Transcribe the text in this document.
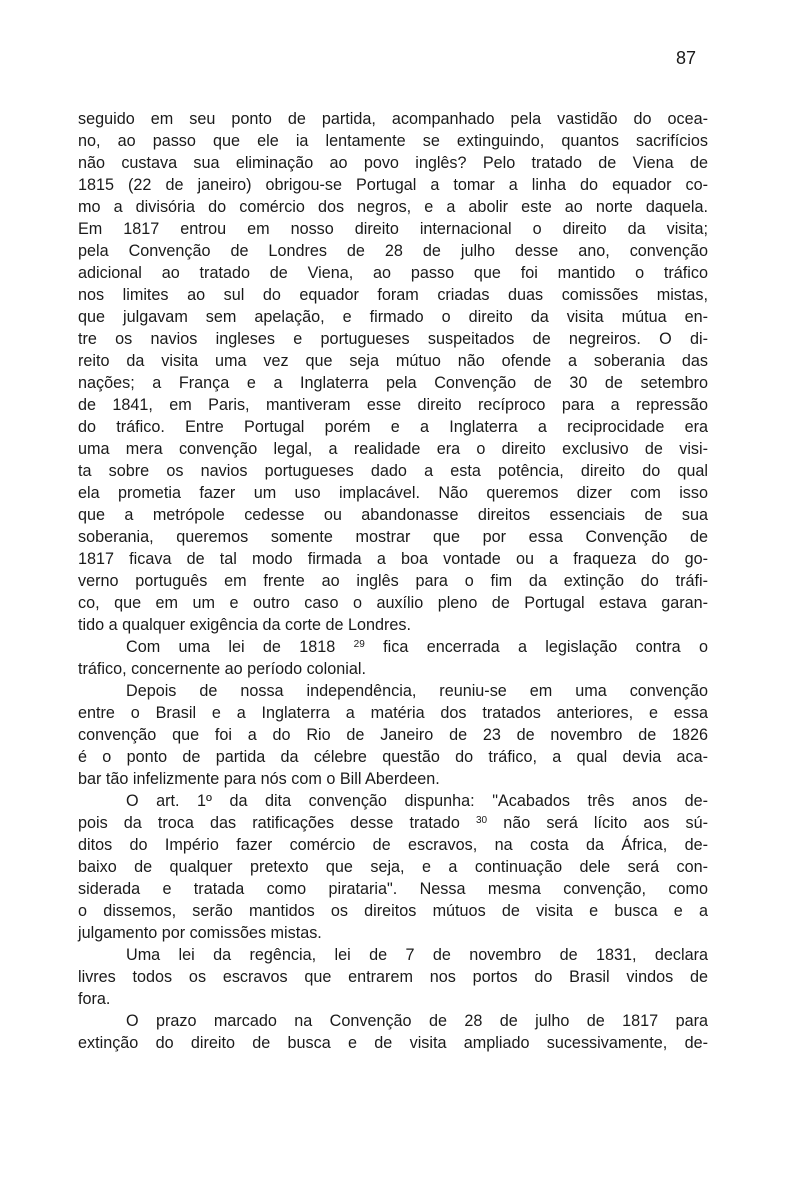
87
seguido em seu ponto de partida, acompanhado pela vastidão do ocea-
no, ao passo que ele ia lentamente se extinguindo, quantos sacrifícios
não custava sua eliminação ao povo inglês? Pelo tratado de Viena de
1815 (22 de janeiro) obrigou-se Portugal a tomar a linha do equador co-
mo a divisória do comércio dos negros, e a abolir este ao norte daquela.
Em 1817 entrou em nosso direito internacional o direito da visita;
pela Convenção de Londres de 28 de julho desse ano, convenção
adicional ao tratado de Viena, ao passo que foi mantido o tráfico
nos limites ao sul do equador foram criadas duas comissões mistas,
que julgavam sem apelação, e firmado o direito da visita mútua en-
tre os navios ingleses e portugueses suspeitados de negreiros. O di-
reito da visita uma vez que seja mútuo não ofende a soberania das
nações; a França e a Inglaterra pela Convenção de 30 de setembro
de 1841, em Paris, mantiveram esse direito recíproco para a repressão
do tráfico. Entre Portugal porém e a Inglaterra a reciprocidade era
uma mera convenção legal, a realidade era o direito exclusivo de visi-
ta sobre os navios portugueses dado a esta potência, direito do qual
ela prometia fazer um uso implacável. Não queremos dizer com isso
que a metrópole cedesse ou abandonasse direitos essenciais de sua
soberania, queremos somente mostrar que por essa Convenção de
1817 ficava de tal modo firmada a boa vontade ou a fraqueza do go-
verno português em frente ao inglês para o fim da extinção do tráfi-
co, que em um e outro caso o auxílio pleno de Portugal estava garan-
tido a qualquer exigência da corte de Londres.
Com uma lei de 1818 $^{29}$ fica encerrada a legislação contra o
tráfico, concernente ao período colonial.
Depois de nossa independência, reuniu-se em uma convenção
entre o Brasil e a Inglaterra a matéria dos tratados anteriores, e essa
convenção que foi a do Rio de Janeiro de 23 de novembro de 1826
é o ponto de partida da célebre questão do tráfico, a qual devia aca-
bar tão infelizmente para nós com o Bill Aberdeen.
O art. 1º da dita convenção dispunha: "Acabados três anos de-
pois da troca das ratificações desse tratado $^{30}$ não será lícito aos sú-
ditos do Império fazer comércio de escravos, na costa da África, de-
baixo de qualquer pretexto que seja, e a continuação dele será con-
siderada e tratada como pirataria". Nessa mesma convenção, como
o dissemos, serão mantidos os direitos mútuos de visita e busca e a
julgamento por comissões mistas.
Uma lei da regência, lei de 7 de novembro de 1831, declara
livres todos os escravos que entrarem nos portos do Brasil vindos de
fora.
O prazo marcado na Convenção de 28 de julho de 1817 para
extinção do direito de busca e de visita ampliado sucessivamente, de-
